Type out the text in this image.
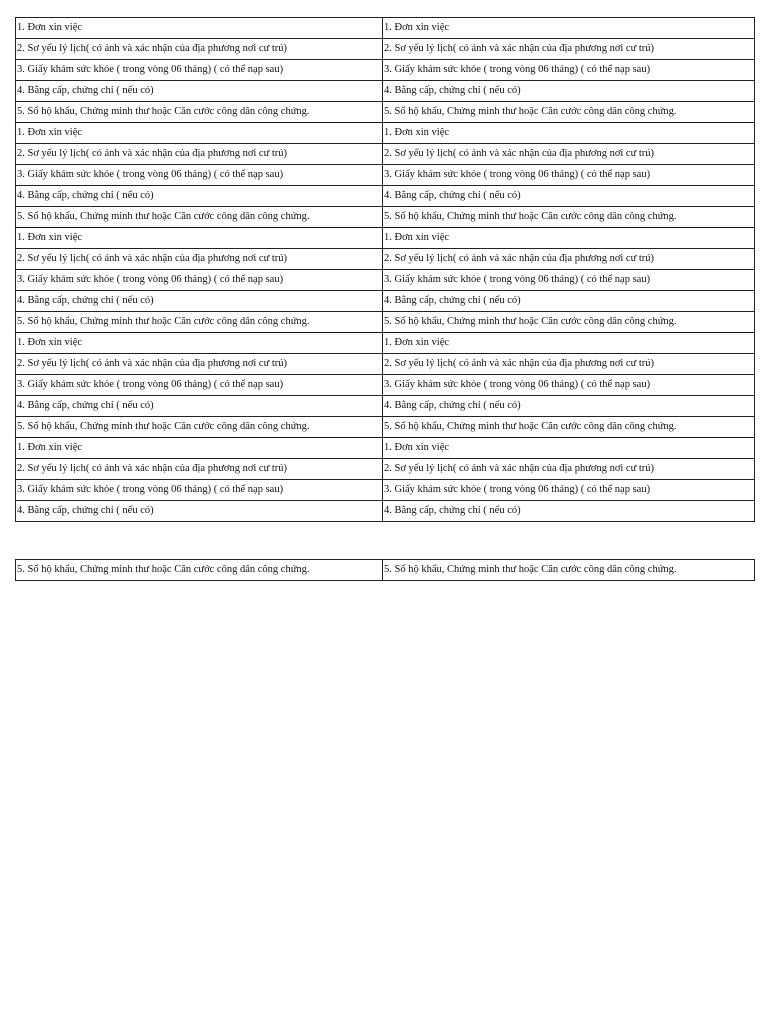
1. Đơn xin việc	1. Đơn xin việc
2. Sơ yếu lý lịch( có ảnh và xác nhận của địa phương nơi cư trú)	2. Sơ yếu lý lịch( có ảnh và xác nhận của địa phương nơi cư trú)
3. Giấy khám sức khỏe ( trong vòng 06 tháng) ( có thể nạp sau)	3. Giấy khám sức khỏe ( trong vòng 06 tháng) ( có thể nạp sau)
4. Bằng cấp, chứng chỉ ( nếu có)	4. Bằng cấp, chứng chỉ ( nếu có)
5. Sổ hộ khẩu, Chứng minh thư hoặc Căn cước công dân công chứng.	5. Sổ hộ khẩu, Chứng minh thư hoặc Căn cước công dân công chứng.
1. Đơn xin việc	1. Đơn xin việc
2. Sơ yếu lý lịch( có ảnh và xác nhận của địa phương nơi cư trú)	2. Sơ yếu lý lịch( có ảnh và xác nhận của địa phương nơi cư trú)
3. Giấy khám sức khỏe ( trong vòng 06 tháng) ( có thể nạp sau)	3. Giấy khám sức khỏe ( trong vòng 06 tháng) ( có thể nạp sau)
4. Bằng cấp, chứng chỉ ( nếu có)	4. Bằng cấp, chứng chỉ ( nếu có)
5. Sổ hộ khẩu, Chứng minh thư hoặc Căn cước công dân công chứng.	5. Sổ hộ khẩu, Chứng minh thư hoặc Căn cước công dân công chứng.
1. Đơn xin việc	1. Đơn xin việc
2. Sơ yếu lý lịch( có ảnh và xác nhận của địa phương nơi cư trú)	2. Sơ yếu lý lịch( có ảnh và xác nhận của địa phương nơi cư trú)
3. Giấy khám sức khỏe ( trong vòng 06 tháng) ( có thể nạp sau)	3. Giấy khám sức khỏe ( trong vòng 06 tháng) ( có thể nạp sau)
4. Bằng cấp, chứng chỉ ( nếu có)	4. Bằng cấp, chứng chỉ ( nếu có)
5. Sổ hộ khẩu, Chứng minh thư hoặc Căn cước công dân công chứng.	5. Sổ hộ khẩu, Chứng minh thư hoặc Căn cước công dân công chứng.
1. Đơn xin việc	1. Đơn xin việc
2. Sơ yếu lý lịch( có ảnh và xác nhận của địa phương nơi cư trú)	2. Sơ yếu lý lịch( có ảnh và xác nhận của địa phương nơi cư trú)
3. Giấy khám sức khỏe ( trong vòng 06 tháng) ( có thể nạp sau)	3. Giấy khám sức khỏe ( trong vòng 06 tháng) ( có thể nạp sau)
4. Bằng cấp, chứng chỉ ( nếu có)	4. Bằng cấp, chứng chỉ ( nếu có)
5. Sổ hộ khẩu, Chứng minh thư hoặc Căn cước công dân công chứng.	5. Sổ hộ khẩu, Chứng minh thư hoặc Căn cước công dân công chứng.
1. Đơn xin việc	1. Đơn xin việc
2. Sơ yếu lý lịch( có ảnh và xác nhận của địa phương nơi cư trú)	2. Sơ yếu lý lịch( có ảnh và xác nhận của địa phương nơi cư trú)
3. Giấy khám sức khỏe ( trong vòng 06 tháng) ( có thể nạp sau)	3. Giấy khám sức khỏe ( trong vòng 06 tháng) ( có thể nạp sau)
4. Bằng cấp, chứng chỉ ( nếu có)	4. Bằng cấp, chứng chỉ ( nếu có)
5. Sổ hộ khẩu, Chứng minh thư hoặc Căn cước công dân công chứng.	5. Sổ hộ khẩu, Chứng minh thư hoặc Căn cước công dân công chứng.
